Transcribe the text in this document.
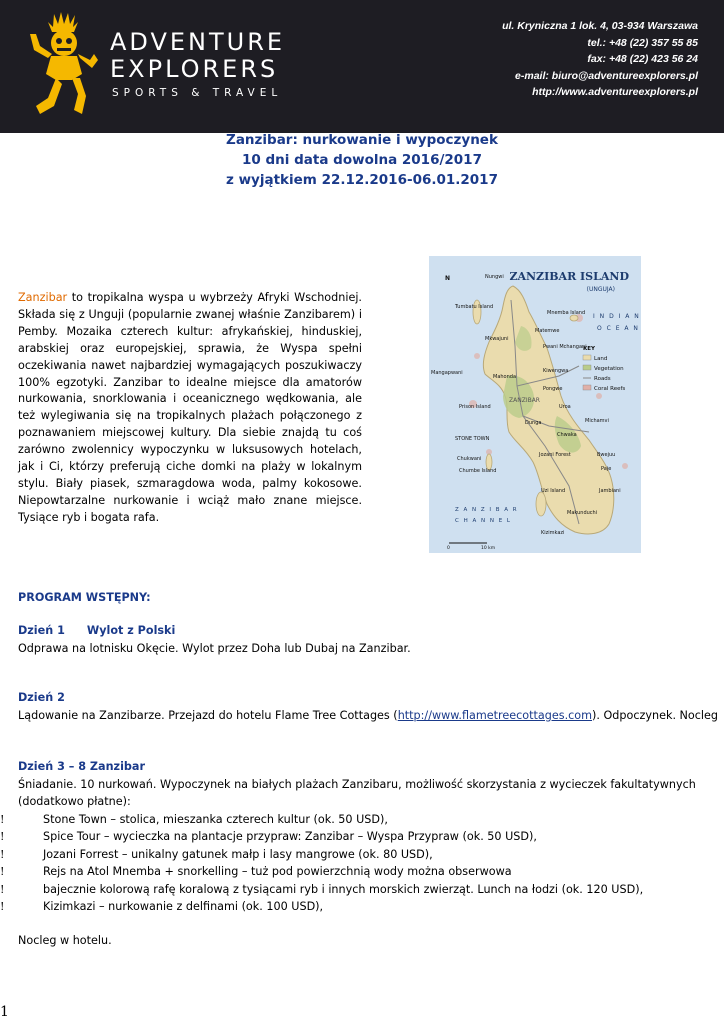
ADVENTURE
EXPLORERS
SPORTS & TRAVEL
ul. Kryniczna 1 lok. 4, 03-934 Warszawa
tel.: +48 (22) 357 55 85
fax: +48 (22) 423 56 24
e-mail: biuro@adventureexplorers.pl
http://www.adventureexplorers.pl
Zanzibar: nurkowanie i wypoczynek
10 dni data dowolna 2016/2017
z wyjątkiem 22.12.2016-06.01.2017
ZANZIBAR ISLAND
(UNGUJA)
I N D I A N
O C E A N
Z A N Z I B A R
C H A N N E L
KEY
Land
Vegetation
Roads
Coral Reefs
N	Nungwi
Tumbatu Island
Mnemba Island
Matemwe
Mkwajuni
Pwani Mchangani
Mahonda
Kiwengwa
Mangapwani
Pongwe
ZANZIBAR
Prison Island
Dunga
Uroa
Michamvi
STONE TOWN
Chwaka
Chukwani
Chumbe Island
Jozani Forest
Uzi Island
Bwejuu
Paje
Jambiani
Makunduchi
Kizimkazi
0	10 km
Zanzibar to tropikalna wyspa u wybrzeży Afryki Wschodniej. Składa się z Unguji (popularnie zwanej właśnie Zanzibarem) i Pemby. Mozaika czterech kultur: afrykańskiej, hinduskiej, arabskiej oraz europejskiej, sprawia, że Wyspa spełni oczekiwania nawet najbardziej wymagających poszukiwaczy 100% egzotyki. Zanzibar to idealne miejsce dla amatorów nurkowania, snorklowania i oceanicznego wędkowania, ale też wylegiwania się na tropikalnych plażach połączonego z poznawaniem miejscowej kultury. Dla siebie znajdą tu coś zarówno zwolennicy wypoczynku w luksusowych hotelach, jak i Ci, którzy preferują ciche domki na plaży w lokalnym stylu. Biały piasek, szmaragdowa woda, palmy kokosowe. Niepowtarzalne nurkowanie i wciąż mało znane miejsce. Tysiące ryb i bogata rafa.
PROGRAM WSTĘPNY:
Dzień 1 Wylot z Polski
Odprawa na lotnisku Okęcie. Wylot przez Doha lub Dubaj na Zanzibar.
Dzień 2
Lądowanie na Zanzibarze. Przejazd do hotelu Flame Tree Cottages (http://www.flametreecottages.com). Odpoczynek. Nocleg
Dzień 3 – 8 Zanzibar
Śniadanie. 10 nurkowań. Wypoczynek na białych plażach Zanzibaru, możliwość skorzystania z wycieczek fakultatywnych (dodatkowo płatne):
!	Stone Town – stolica, mieszanka czterech kultur (ok. 50 USD),
!	Spice Tour – wycieczka na plantacje przypraw: Zanzibar – Wyspa Przypraw (ok. 50 USD),
!	Jozani Forrest – unikalny gatunek małp i lasy mangrowe (ok. 80 USD),
!	Rejs na Atol Mnemba + snorkelling – tuż pod powierzchnią wody można obserwowa
!	bajecznie kolorową rafę koralową z tysiącami ryb i innych morskich zwierząt. Lunch na łodzi (ok. 120 USD),
!	Kizimkazi – nurkowanie z delfinami (ok. 100 USD),
Nocleg w hotelu.
1
